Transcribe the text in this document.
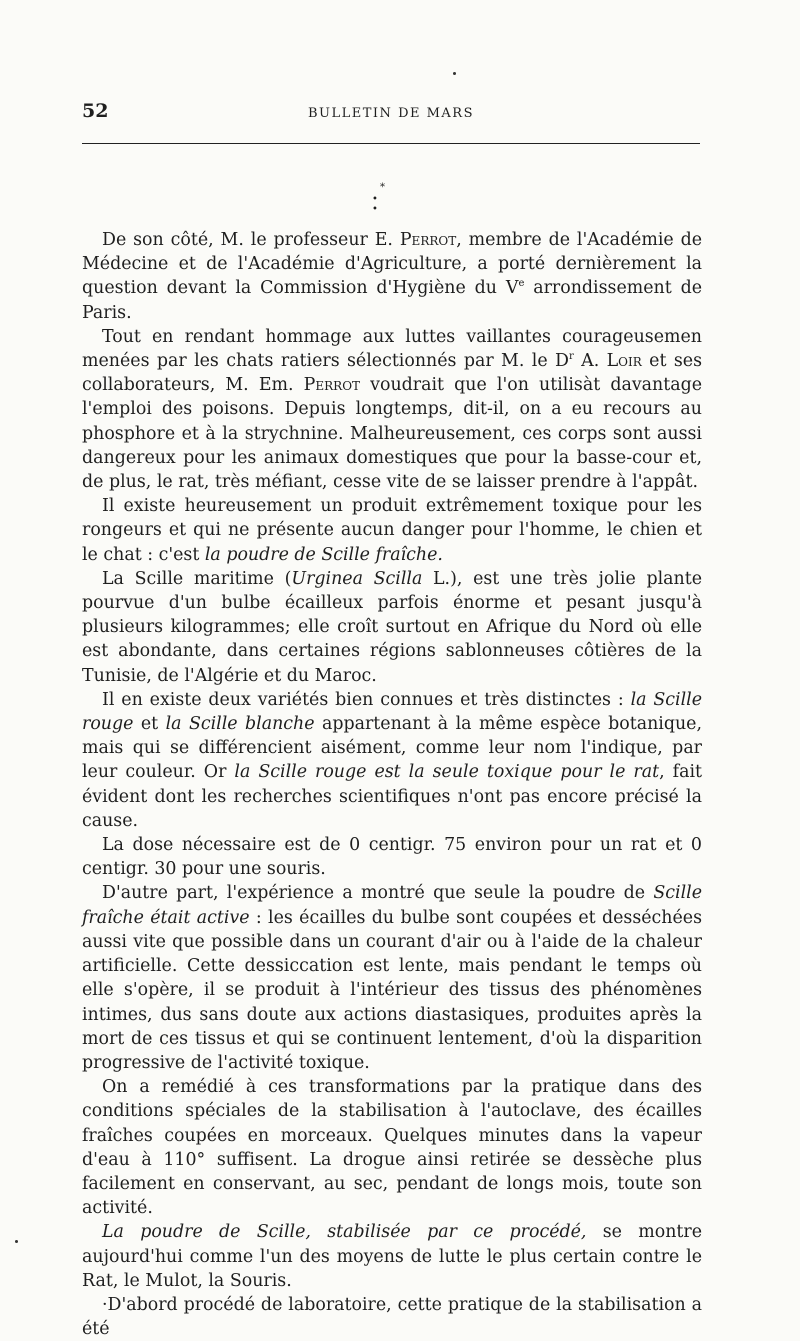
52	BULLETIN DE MARS
*
• •

De son côté, M. le professeur E. Perrot, membre de l'Académie de Médecine et de l'Académie d'Agriculture, a porté dernièrement la question devant la Commission d'Hygiène du Ve arrondissement de Paris.

Tout en rendant hommage aux luttes vaillantes courageusemen menées par les chats ratiers sélectionnés par M. le $D^r$ A. Loir et ses collaborateurs, M. Em. Perrot voudrait que l'on utilisàt davantage l'emploi des poisons. Depuis longtemps, dit-il, on a eu recours au phosphore et à la strychnine. Malheureusement, ces corps sont aussi dangereux pour les animaux domestiques que pour la basse-cour et, de plus, le rat, très méfiant, cesse vite de se laisser prendre à l'appât.

Il existe heureusement un produit extrêmement toxique pour les rongeurs et qui ne présente aucun danger pour l'homme, le chien et le chat : c'est la poudre de Scille fraîche.

La Scille maritime (Urginea Scilla L.), est une très jolie plante pourvue d'un bulbe écailleux parfois énorme et pesant jusqu'à plusieurs kilogrammes; elle croît surtout en Afrique du Nord où elle est abondante, dans certaines régions sablonneuses côtières de la Tunisie, de l'Algérie et du Maroc.

Il en existe deux variétés bien connues et très distinctes : la Scille rouge et la Scille blanche appartenant à la même espèce botanique, mais qui se différencient aisément, comme leur nom l'indique, par leur couleur. Or la Scille rouge est la seule toxique pour le rat, fait évident dont les recherches scientifiques n'ont pas encore précisé la cause.

La dose nécessaire est de 0 centigr. 75 environ pour un rat et 0 centigr. 30 pour une souris.

D'autre part, l'expérience a montré que seule la poudre de Scille fraîche était active : les écailles du bulbe sont coupées et desséchées aussi vite que possible dans un courant d'air ou à l'aide de la chaleur artificielle. Cette dessiccation est lente, mais pendant le temps où elle s'opère, il se produit à l'intérieur des tissus des phénomènes intimes, dus sans doute aux actions diastasiques, produites après la mort de ces tissus et qui se continuent lentement, d'où la disparition progressive de l'activité toxique.

On a remédié à ces transformations par la pratique dans des conditions spéciales de la stabilisation à l'autoclave, des écailles fraîches coupées en morceaux. Quelques minutes dans la vapeur d'eau à 110° suffisent. La drogue ainsi retirée se dessèche plus facilement en conservant, au sec, pendant de longs mois, toute son activité.

La poudre de Scille, stabilisée par ce procédé, se montre aujourd'hui comme l'un des moyens de lutte le plus certain contre le Rat, le Mulot, la Souris.

·D'abord procédé de laboratoire, cette pratique de la stabilisation a été
